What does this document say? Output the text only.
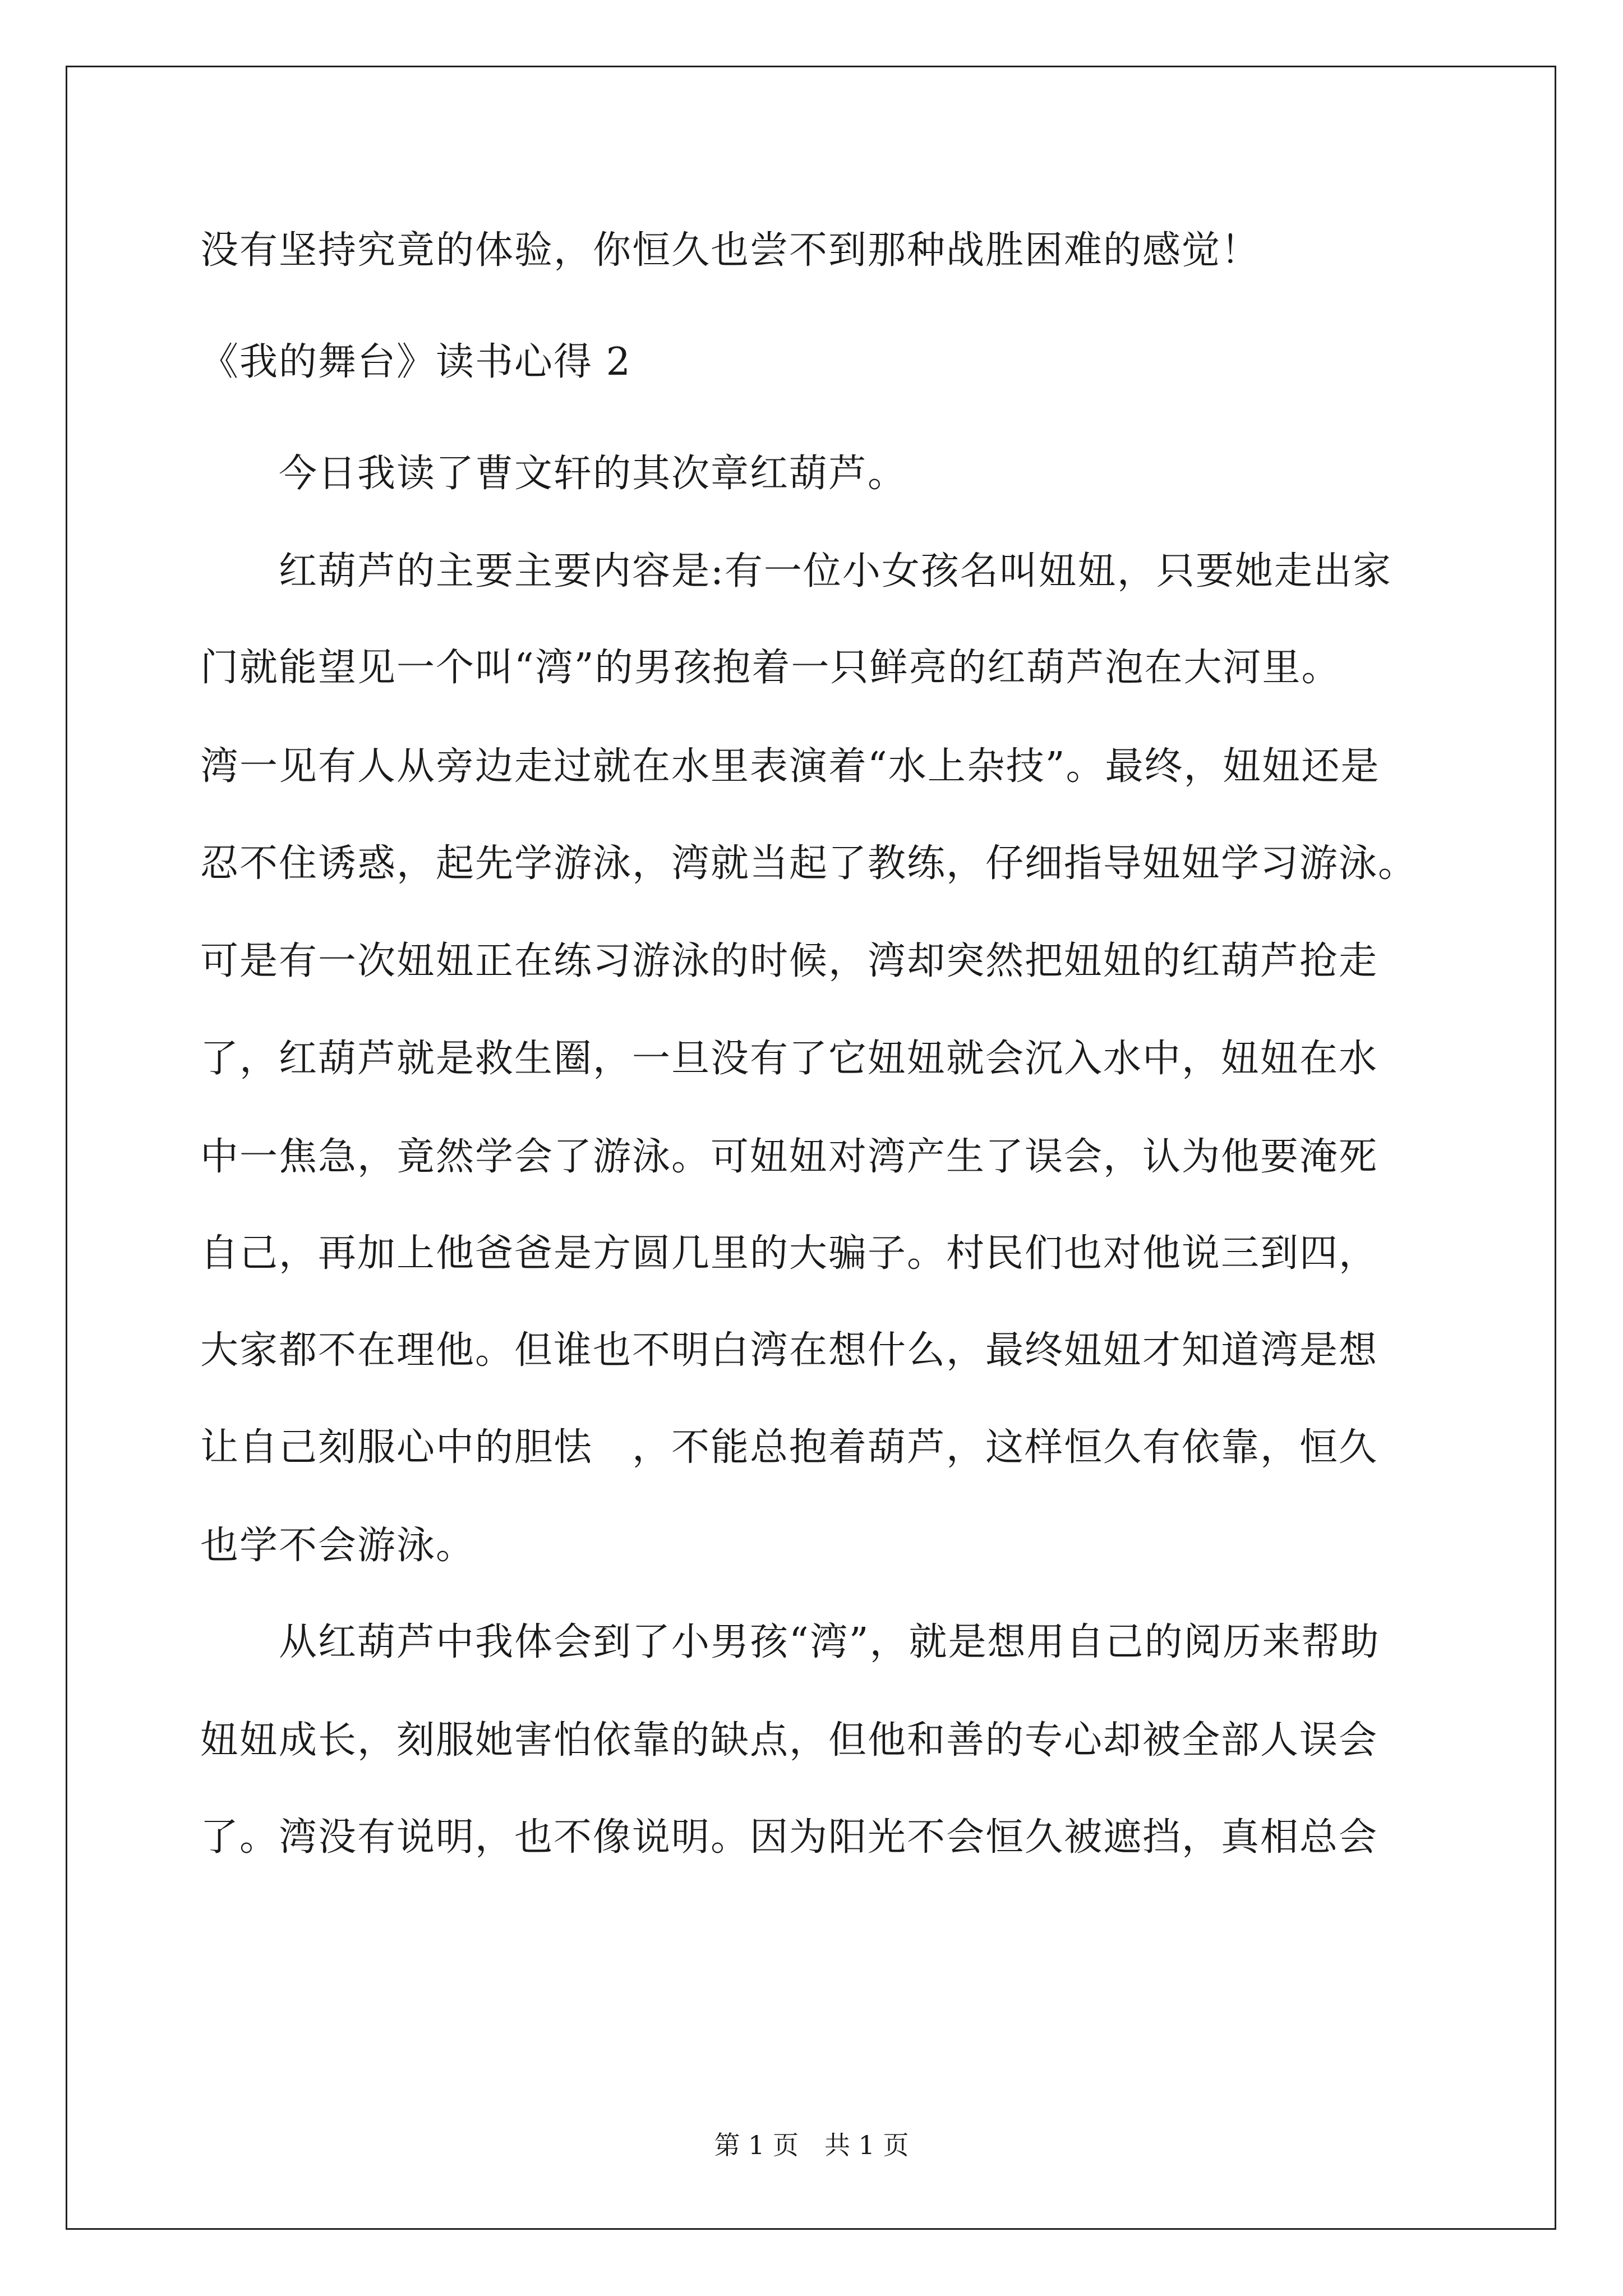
没有坚持究竟的体验，你恒久也尝不到那种战胜困难的感觉！
《我的舞台》读书心得 2
　　今日我读了曹文轩的其次章红葫芦。
　　红葫芦的主要主要内容是:有一位小女孩名叫妞妞，只要她走出家
门就能望见一个叫“湾”的男孩抱着一只鲜亮的红葫芦泡在大河里。
湾一见有人从旁边走过就在水里表演着“水上杂技”。最终，妞妞还是
忍不住诱惑，起先学游泳，湾就当起了教练，仔细指导妞妞学习游泳。
可是有一次妞妞正在练习游泳的时候，湾却突然把妞妞的红葫芦抢走
了，红葫芦就是救生圈，一旦没有了它妞妞就会沉入水中，妞妞在水
中一焦急，竟然学会了游泳。可妞妞对湾产生了误会，认为他要淹死
自己，再加上他爸爸是方圆几里的大骗子。村民们也对他说三到四，
大家都不在理他。但谁也不明白湾在想什么，最终妞妞才知道湾是想
让自己刻服心中的胆怯　，不能总抱着葫芦，这样恒久有依靠，恒久
也学不会游泳。
　　从红葫芦中我体会到了小男孩“湾”，就是想用自己的阅历来帮助
妞妞成长，刻服她害怕依靠的缺点，但他和善的专心却被全部人误会
了。湾没有说明，也不像说明。因为阳光不会恒久被遮挡，真相总会
第 1 页　共 1 页
